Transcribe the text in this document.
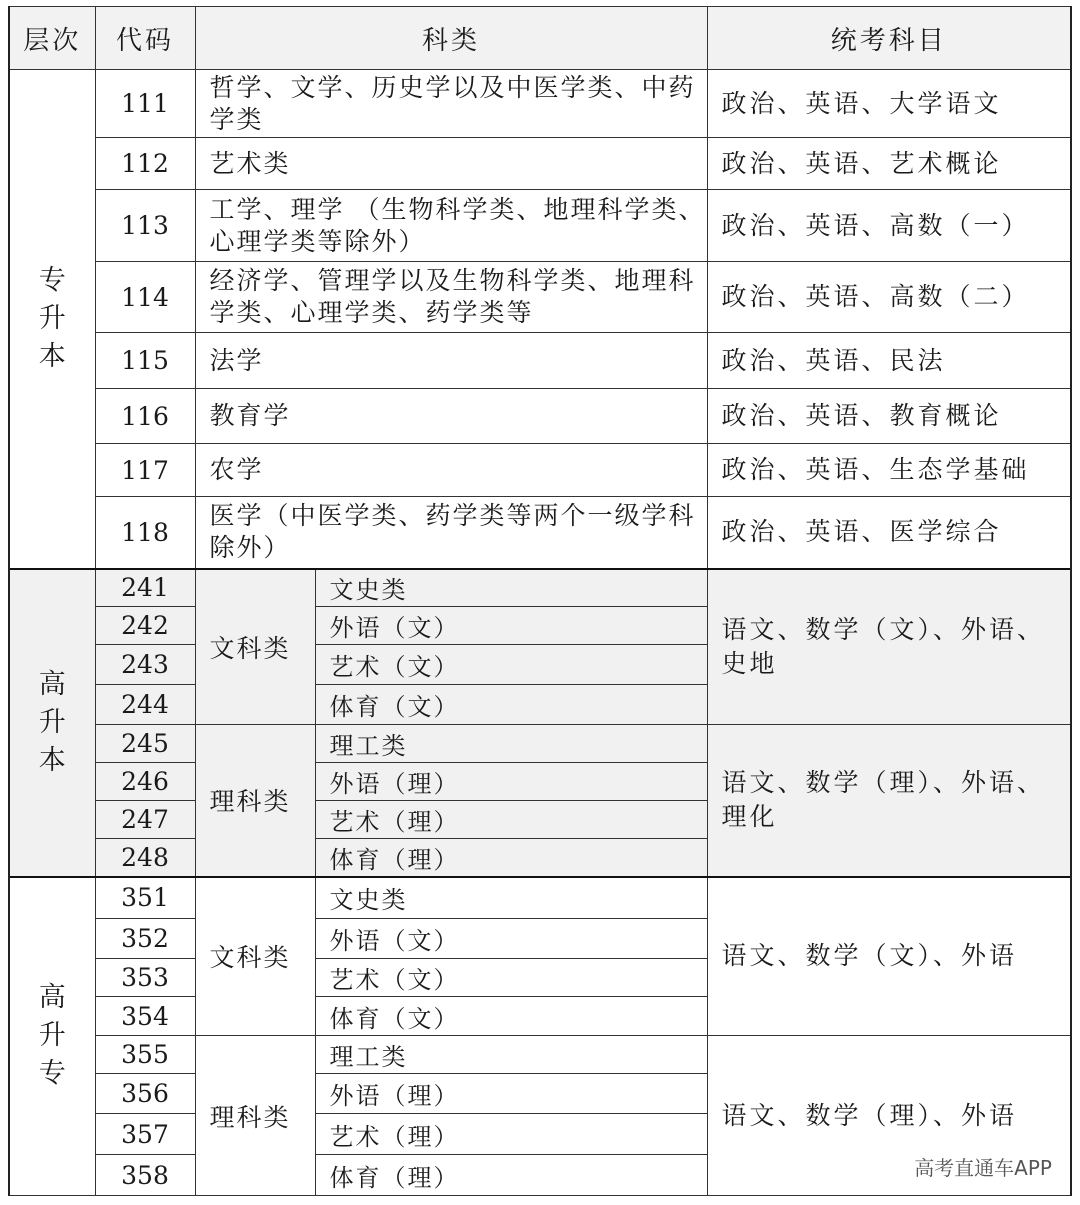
层次	代码	科类		统考科目

专
升
本	111	哲学、文学、历史学以及中医学类、中药学类		政治、英语、大学语文
	112	艺术类		政治、英语、艺术概论
	113	工学、理学 （生物科学类、地理科学类、心理学类等除外）		政治、英语、高数（一）
	114	经济学、管理学以及生物科学类、地理科学类、心理学类、药学类等		政治、英语、高数（二）
	115	法学		政治、英语、民法
	116	教育学		政治、英语、教育概论
	117	农学		政治、英语、生态学基础
	118	医学（中医学类、药学类等两个一级学科除外）		政治、英语、医学综合

高
升
本	241	文科类	文史类	语文、数学（文）、外语、史地
	242		外语（文）	
	243		艺术（文）	
	244		体育（文）	
	245	理科类	理工类	语文、数学（理）、外语、理化
	246		外语（理）	
	247		艺术（理）	
	248		体育（理）	

高
升
专	351	文科类	文史类	语文、数学（文）、外语
	352		外语（文）	
	353		艺术（文）	
	354		体育（文）	
	355	理科类	理工类	语文、数学（理）、外语
	356		外语（理）	
	357		艺术（理）	
	358		体育（理）		高考直通车APP
